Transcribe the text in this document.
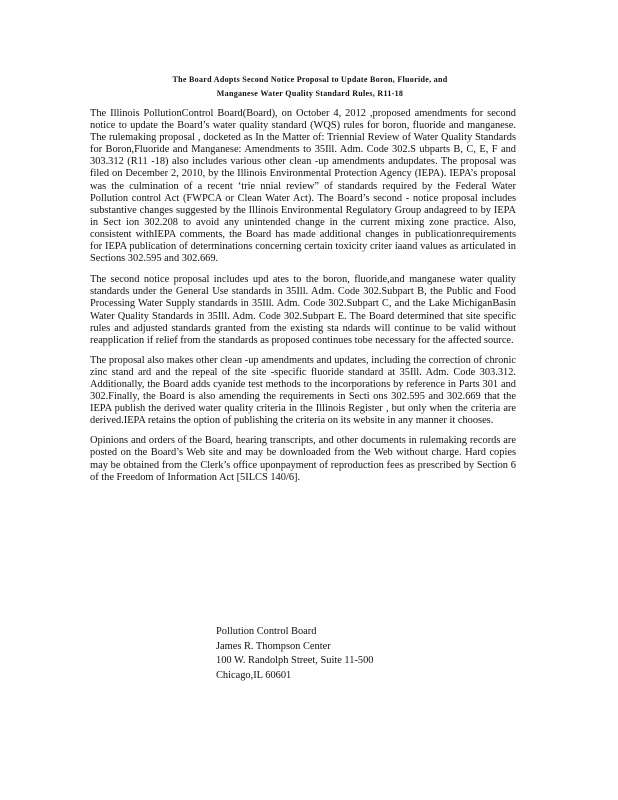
The Board Adopts Second Notice Proposal to Update Boron, Fluoride, and
Manganese Water Quality Standard Rules, R11-18

The Illinois PollutionControl Board(Board), on October 4, 2012 ,proposed amendments for second notice to update the Board’s water quality standard (WQS) rules for boron, fluoride and manganese. The rulemaking proposal , docketed as In the Matter of: Triennial Review of Water Quality Standards for Boron,Fluoride and Manganese: Amendments to 35Ill. Adm. Code 302.S ubparts B, C, E, F and 303.312 (R11 -18) also includes various other clean -up amendments andupdates. The proposal was filed on December 2, 2010, by the Illinois Environmental Protection Agency (IEPA). IEPA’s proposal was the culmination of a recent ‘trie nnial review” of standards required by the Federal Water Pollution control Act (FWPCA or Clean Water Act). The Board’s second - notice proposal includes substantive changes suggested by the Illinois Environmental Regulatory Group andagreed to by IEPA in Sect ion 302.208 to avoid any unintended change in the current mixing zone practice. Also, consistent withIEPA comments, the Board has made additional changes in publicationrequirements for IEPA publication of determinations concerning certain toxicity criter iaand values as articulated in Sections 302.595 and 302.669.

The second notice proposal includes upd ates to the boron, fluoride,and manganese water quality standards under the General Use standards in 35Ill. Adm. Code 302.Subpart B, the Public and Food Processing Water Supply standards in 35Ill. Adm. Code 302.Subpart C, and the Lake MichiganBasin Water Quality Standards in 35Ill. Adm. Code 302.Subpart E. The Board determined that site specific rules and adjusted standards granted from the existing sta ndards will continue to be valid without reapplication if relief from the standards as proposed continues tobe necessary for the affected source.

The proposal also makes other clean -up amendments and updates, including the correction of chronic zinc stand ard and the repeal of the site -specific fluoride standard at 35Ill. Adm. Code 303.312. Additionally, the Board adds cyanide test methods to the incorporations by reference in Parts 301 and 302.Finally, the Board is also amending the requirements in Secti ons 302.595 and 302.669 that the IEPA publish the derived water quality criteria in the Illinois Register , but only when the criteria are derived.IEPA retains the option of publishing the criteria on its website in any manner it chooses.

Opinions and orders of the Board, hearing transcripts, and other documents in rulemaking records are posted on the Board’s Web site and may be downloaded from the Web without charge. Hard copies may be obtained from the Clerk’s office uponpayment of reproduction fees as prescribed by Section 6 of the Freedom of Information Act [5ILCS 140/6].

Pollution Control Board
James R. Thompson Center
100 W. Randolph Street, Suite 11-500
Chicago,IL 60601
